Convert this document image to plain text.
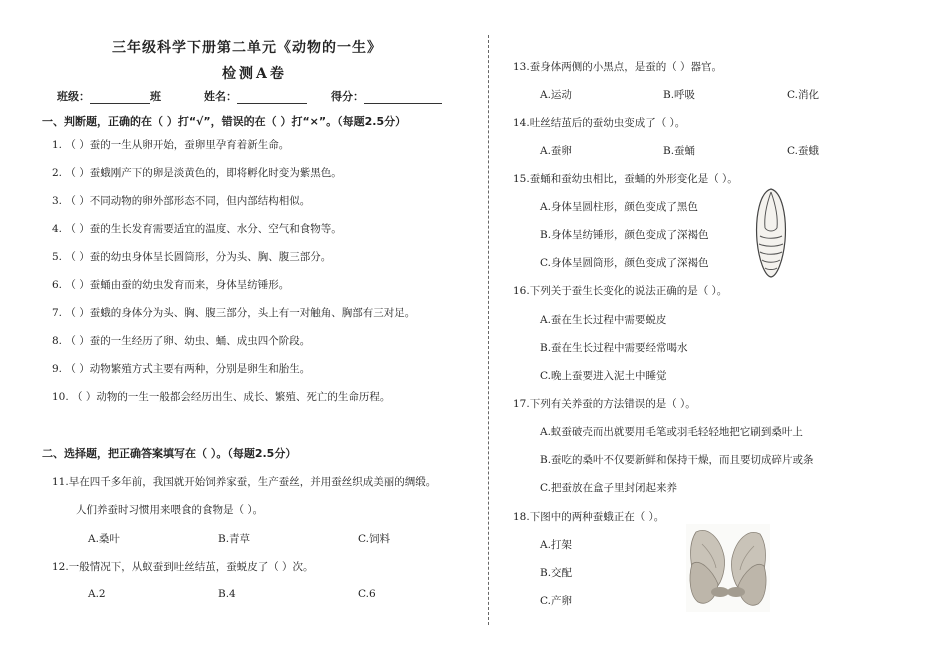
三年级科学下册第二单元《动物的一生》
检测A卷
班级：	班	姓名：	得分：
一、判断题，正确的在（ ）打“√”，错误的在（ ）打“×”。（每题2.5分）
1. （ ）蚕的一生从卵开始，蚕卵里孕育着新生命。
2. （ ）蚕蛾刚产下的卵是淡黄色的，即将孵化时变为紫黑色。
3. （ ）不同动物的卵外部形态不同，但内部结构相似。
4. （ ）蚕的生长发育需要适宜的温度、水分、空气和食物等。
5. （ ）蚕的幼虫身体呈长圆筒形，分为头、胸、腹三部分。
6. （ ）蚕蛹由蚕的幼虫发育而来，身体呈纺锤形。
7. （ ）蚕蛾的身体分为头、胸、腹三部分，头上有一对触角、胸部有三对足。
8. （ ）蚕的一生经历了卵、幼虫、蛹、成虫四个阶段。
9. （ ）动物繁殖方式主要有两种，分别是卵生和胎生。
10. （ ）动物的一生一般都会经历出生、成长、繁殖、死亡的生命历程。
二、选择题，把正确答案填写在（ ）。（每题2.5分）
11.早在四千多年前，我国就开始饲养家蚕，生产蚕丝，并用蚕丝织成美丽的绸缎。
人们养蚕时习惯用来喂食的食物是（ ）。
A.桑叶	B.青草	C.饲料
12.一般情况下，从蚁蚕到吐丝结茧，蚕蜕皮了（ ）次。
A.2	B.4	C.6
13.蚕身体两侧的小黑点，是蚕的（ ）器官。
A.运动	B.呼吸	C.消化
14.吐丝结茧后的蚕幼虫变成了（ ）。
A.蚕卵	B.蚕蛹	C.蚕蛾
15.蚕蛹和蚕幼虫相比，蚕蛹的外形变化是（ ）。
A.身体呈圆柱形，颜色变成了黑色
B.身体呈纺锤形，颜色变成了深褐色
C.身体呈圆筒形，颜色变成了深褐色
16.下列关于蚕生长变化的说法正确的是（ ）。
A.蚕在生长过程中需要蜕皮
B.蚕在生长过程中需要经常喝水
C.晚上蚕要进入泥土中睡觉
17.下列有关养蚕的方法错误的是（ ）。
A.蚁蚕破壳而出就要用毛笔或羽毛轻轻地把它刷到桑叶上
B.蚕吃的桑叶不仅要新鲜和保持干燥，而且要切成碎片或条
C.把蚕放在盒子里封闭起来养
18.下图中的两种蚕蛾正在（ ）。
A.打架
B.交配
C.产卵
